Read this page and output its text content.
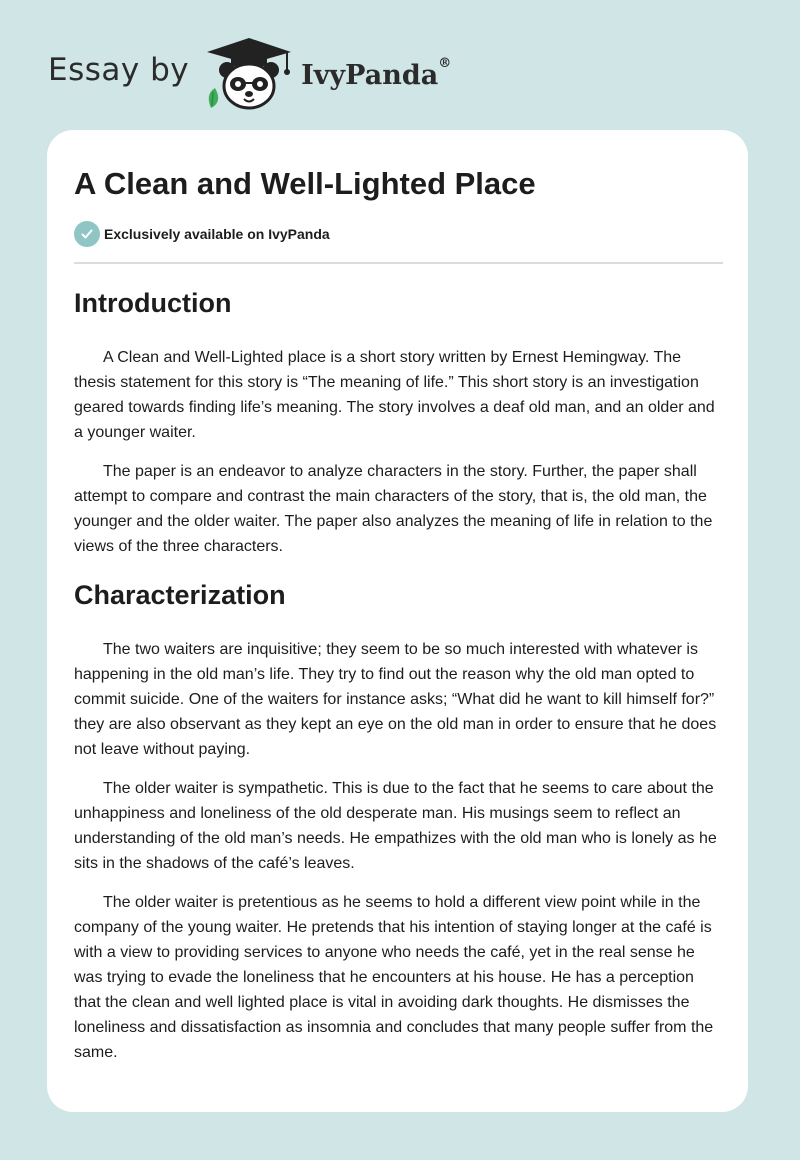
Essay by	IvyPanda®
A Clean and Well-Lighted Place
Exclusively available on IvyPanda
Introduction

A Clean and Well-Lighted place is a short story written by Ernest Hemingway. The thesis statement for this story is “The meaning of life.” This short story is an investigation geared towards finding life’s meaning. The story involves a deaf old man, and an older and a younger waiter.

The paper is an endeavor to analyze characters in the story. Further, the paper shall attempt to compare and contrast the main characters of the story, that is, the old man, the younger and the older waiter. The paper also analyzes the meaning of life in relation to the views of the three characters.

Characterization

The two waiters are inquisitive; they seem to be so much interested with whatever is happening in the old man’s life. They try to find out the reason why the old man opted to commit suicide. One of the waiters for instance asks; “What did he want to kill himself for?” they are also observant as they kept an eye on the old man in order to ensure that he does not leave without paying.

The older waiter is sympathetic. This is due to the fact that he seems to care about the unhappiness and loneliness of the old desperate man. His musings seem to reflect an understanding of the old man’s needs. He empathizes with the old man who is lonely as he sits in the shadows of the café’s leaves.

The older waiter is pretentious as he seems to hold a different view point while in the company of the young waiter. He pretends that his intention of staying longer at the café is with a view to providing services to anyone who needs the café, yet in the real sense he was trying to evade the loneliness that he encounters at his house. He has a perception that the clean and well lighted place is vital in avoiding dark thoughts. He dismisses the loneliness and dissatisfaction as insomnia and concludes that many people suffer from the same.
